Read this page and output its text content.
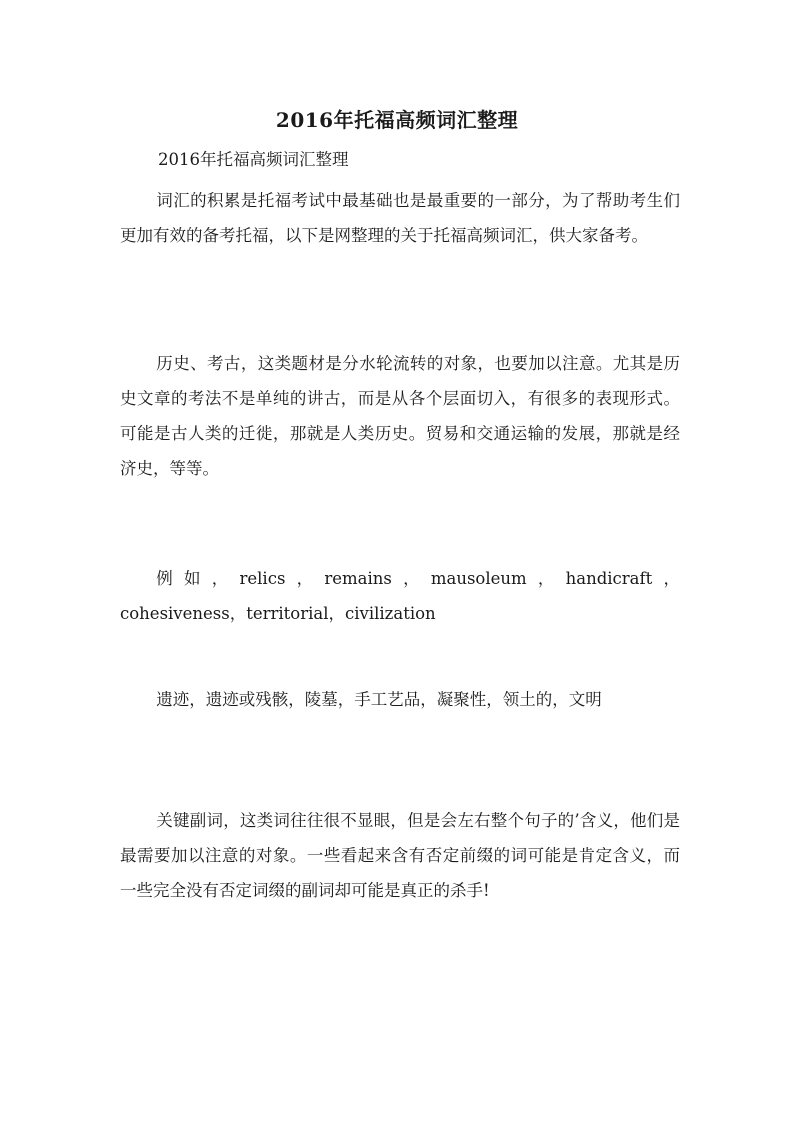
2016年托福高频词汇整理

2016年托福高频词汇整理

词汇的积累是托福考试中最基础也是最重要的一部分，为了帮助考生们更加有效的备考托福，以下是网整理的关于托福高频词汇，供大家备考。

历史、考古，这类题材是分水轮流转的对象，也要加以注意。尤其是历史文章的考法不是单纯的讲古，而是从各个层面切入，有很多的表现形式。可能是古人类的迁徙，那就是人类历史。贸易和交通运输的发展，那就是经济史，等等。

例如，relics，remains，mausoleum，handicraft，cohesiveness，territorial，civilization

遗迹，遗迹或残骸，陵墓，手工艺品，凝聚性，领土的，文明

关键副词，这类词往往很不显眼，但是会左右整个句子的’含义，他们是最需要加以注意的对象。一些看起来含有否定前缀的词可能是肯定含义，而一些完全没有否定词缀的副词却可能是真正的杀手!
